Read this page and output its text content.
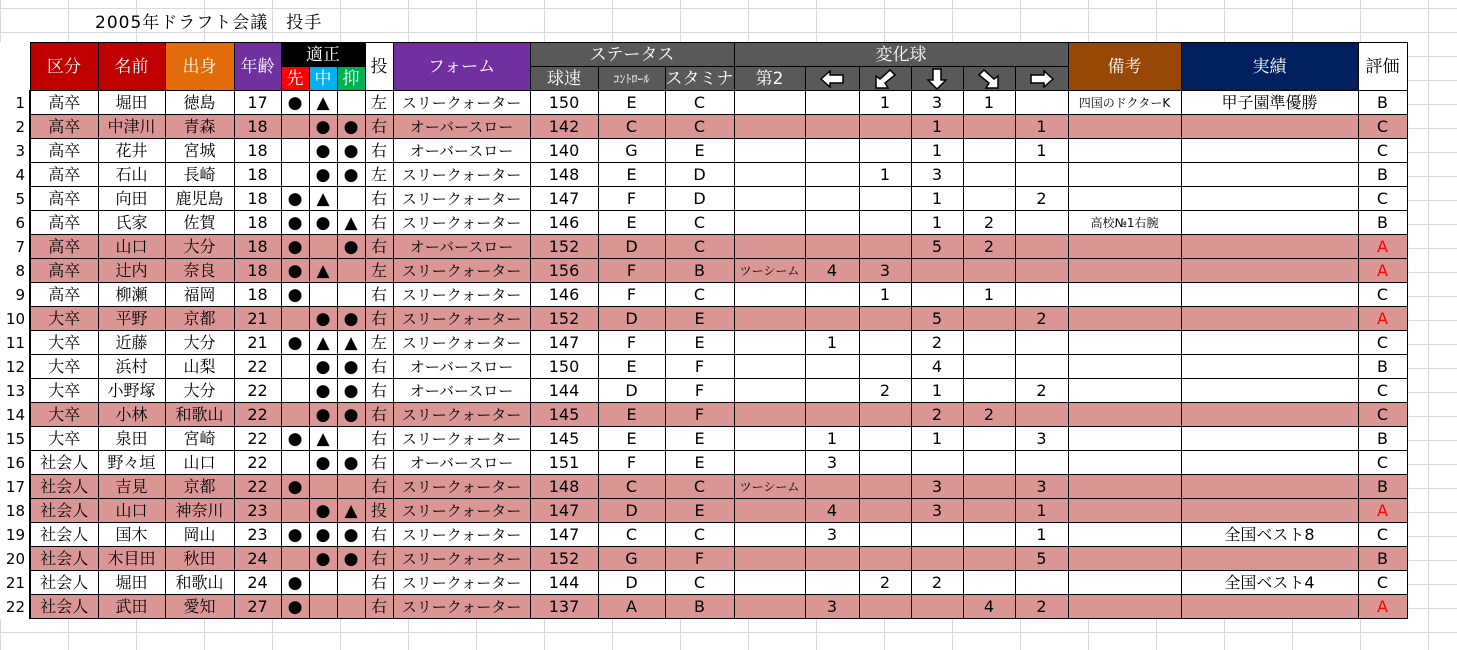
2005年ドラフト会議　投手
	区分	名前	出身	年齢	適正			投	フォーム	ステータス			変化球						備考	実績	評価
					先	中	抑			球速	ｺﾝﾄﾛｰﾙ	スタミナ	第2	

1	高卒	堀田	徳島	17	●	▲		左	スリークォーター	150	E	C			1	3	1		四国のドクターK	甲子園準優勝	B
2	高卒	中津川	青森	18		●	●	右	オーバースロー	142	C	C				1		1			C
3	高卒	花井	宮城	18		●	●	右	オーバースロー	140	G	E				1		1			C
4	高卒	石山	長崎	18		●	●	左	スリークォーター	148	E	D			1	3					B
5	高卒	向田	鹿児島	18	●	▲		右	スリークォーター	147	F	D				1		2			C
6	高卒	氏家	佐賀	18	●	●	▲	右	スリークォーター	146	E	C				1	2		高校№1右腕		B
7	高卒	山口	大分	18	●		●	右	オーバースロー	152	D	C				5	2				A
8	高卒	辻内	奈良	18	●	▲		左	スリークォーター	156	F	B	ツーシーム	4	3						A
9	高卒	柳瀬	福岡	18	●			右	スリークォーター	146	F	C			1		1				C
10	大卒	平野	京都	21		●	●	右	スリークォーター	152	D	E				5		2			A
11	大卒	近藤	大分	21	●	▲	▲	左	スリークォーター	147	F	E		1		2					C
12	大卒	浜村	山梨	22		●	●	右	オーバースロー	150	E	F				4					B
13	大卒	小野塚	大分	22		●	●	右	オーバースロー	144	D	F			2	1		2			C
14	大卒	小林	和歌山	22		●	●	右	スリークォーター	145	E	F				2	2				C
15	大卒	泉田	宮崎	22	●	▲		右	スリークォーター	145	E	E		1		1		3			B
16	社会人	野々垣	山口	22		●	●	右	オーバースロー	151	F	E		3							C
17	社会人	吉見	京都	22	●			右	スリークォーター	148	C	C	ツーシーム			3		3			B
18	社会人	山口	神奈川	23		●	▲	投	スリークォーター	147	D	E		4		3		1			A
19	社会人	国木	岡山	23	●	●	●	右	スリークォーター	147	C	C		3				1		全国ベスト8	C
20	社会人	木目田	秋田	24		●	●	右	スリークォーター	152	G	F						5			B
21	社会人	堀田	和歌山	24	●			右	スリークォーター	144	D	C			2	2				全国ベスト4	C
22	社会人	武田	愛知	27	●			右	スリークォーター	137	A	B		3			4	2			A
